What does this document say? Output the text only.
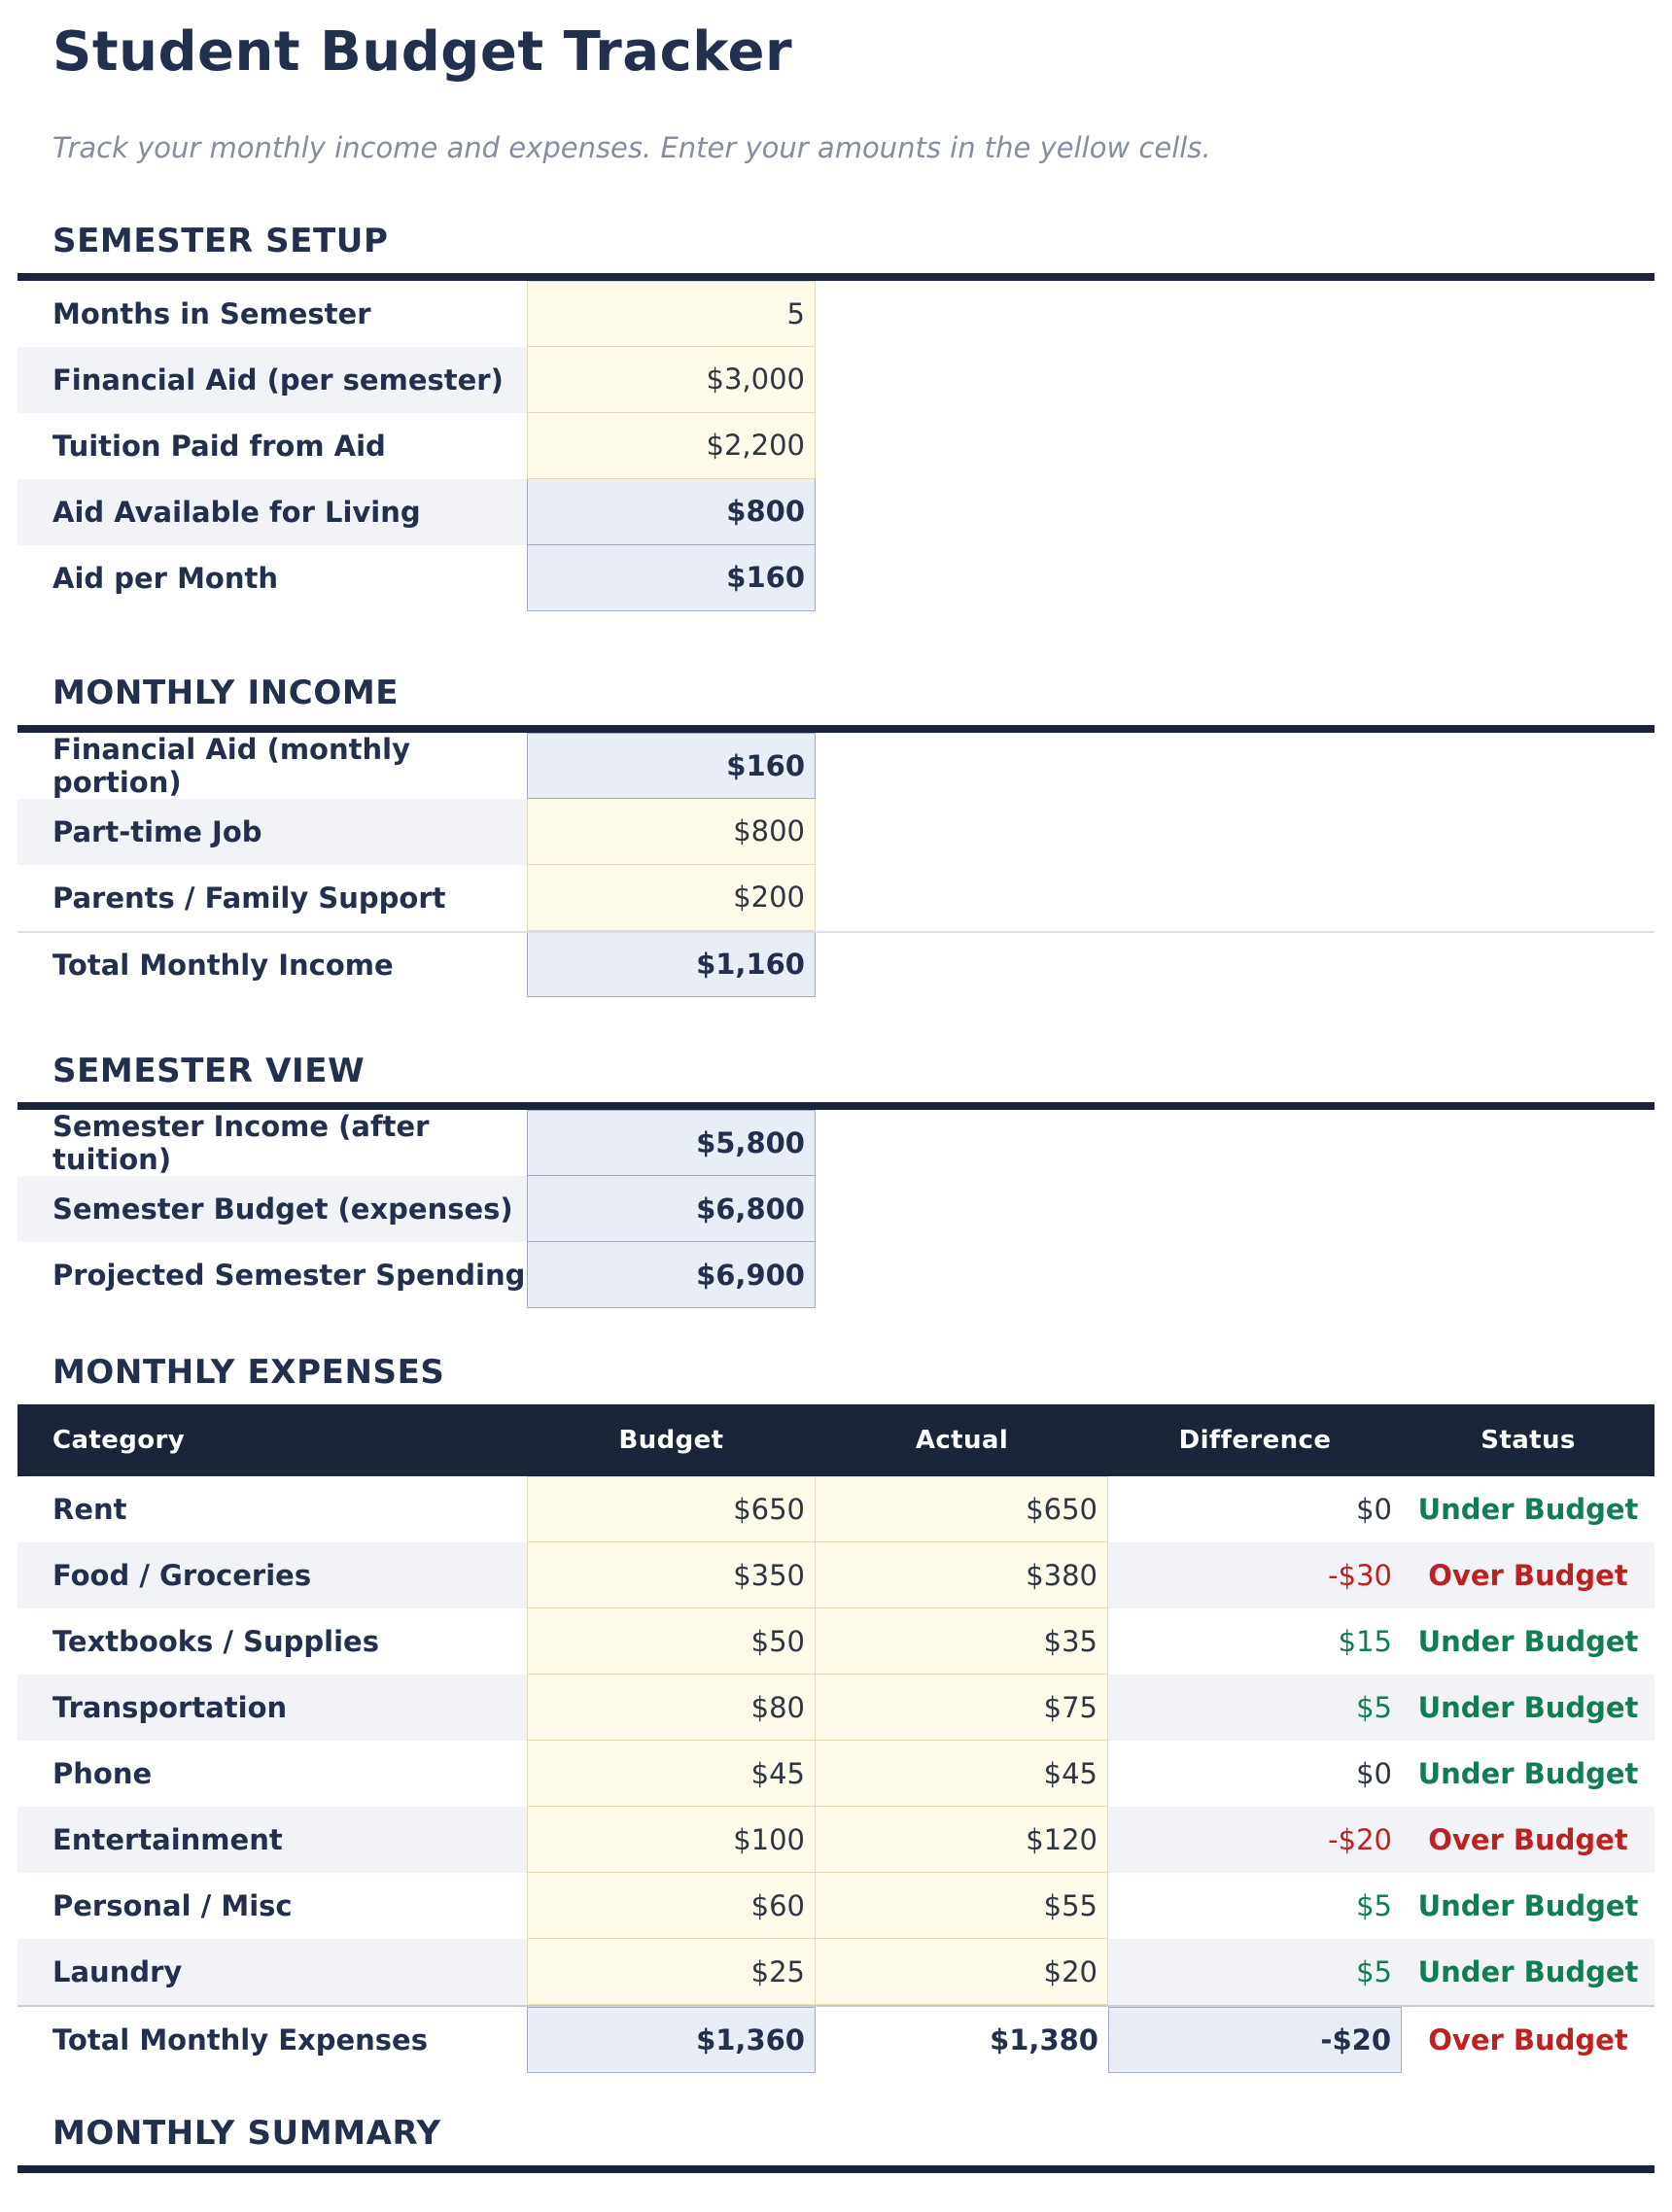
Student Budget Tracker
Track your monthly income and expenses. Enter your amounts in the yellow cells.
SEMESTER SETUP
Months in Semester	5
Financial Aid (per semester)	$3,000
Tuition Paid from Aid	$2,200
Aid Available for Living	$800
Aid per Month	$160
MONTHLY INCOME
Financial Aid (monthly portion)	$160
Part-time Job	$800
Parents / Family Support	$200
Total Monthly Income	$1,160
SEMESTER VIEW
Semester Income (after tuition)	$5,800
Semester Budget (expenses)	$6,800
Projected Semester Spending	$6,900
MONTHLY EXPENSES
Category	Budget	Actual	Difference	Status
Rent	$650	$650	$0 Under Budget
Food / Groceries	$350	$380	-$30	Over Budget
Textbooks / Supplies	$50	$35	$15 Under Budget
Transportation	$80	$75	$5 Under Budget
Phone	$45	$45	$0 Under Budget
Entertainment	$100	$120	-$20	Over Budget
Personal / Misc	$60	$55	$5 Under Budget
Laundry	$25	$20	$5 Under Budget
Total Monthly Expenses	$1,360	$1,380	-$20	Over Budget
MONTHLY SUMMARY
